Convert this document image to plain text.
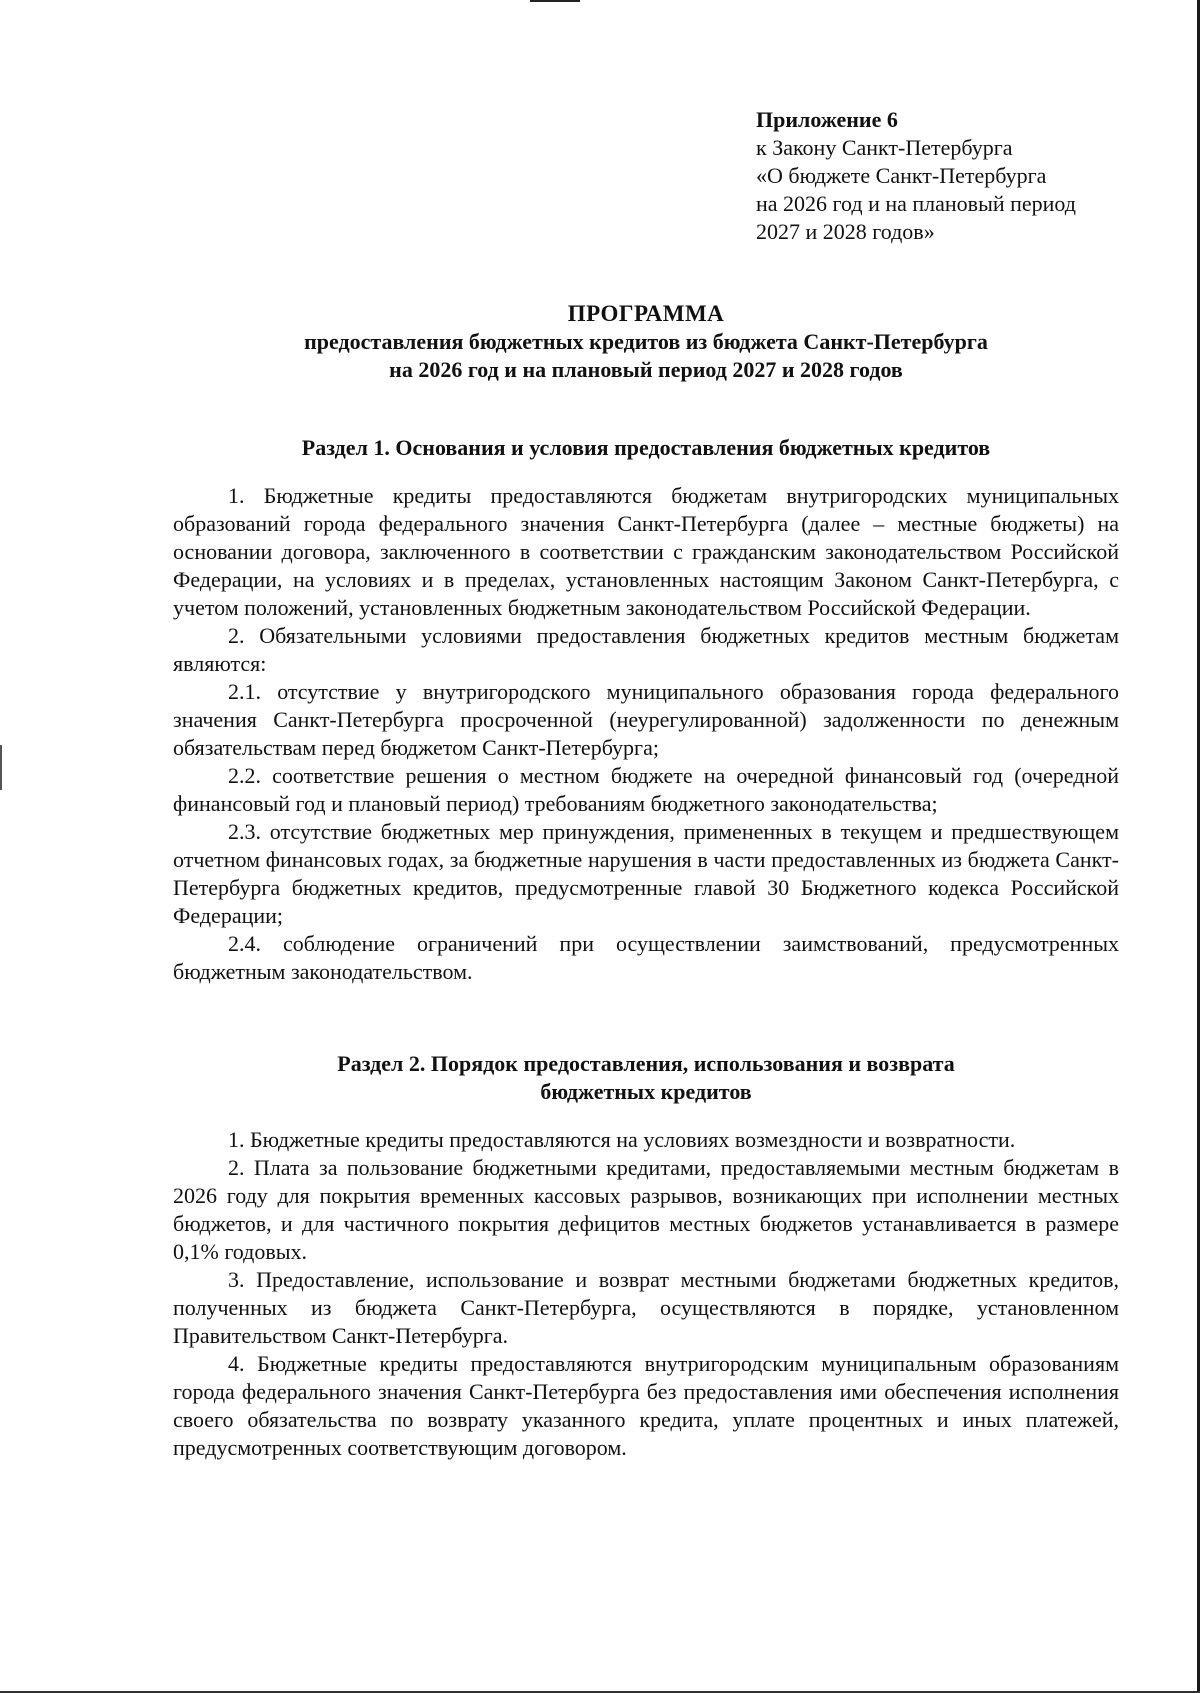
Приложение 6
к Закону Санкт-Петербурга
«О бюджете Санкт-Петербурга
на 2026 год и на плановый период
2027 и 2028 годов»
ПРОГРАММА
предоставления бюджетных кредитов из бюджета Санкт-Петербурга
на 2026 год и на плановый период 2027 и 2028 годов
Раздел 1. Основания и условия предоставления бюджетных кредитов

1. Бюджетные кредиты предоставляются бюджетам внутригородских муниципальных образований города федерального значения Санкт-Петербурга (далее – местные бюджеты) на основании договора, заключенного в соответствии с гражданским законодательством Российской Федерации, на условиях и в пределах, установленных настоящим Законом Санкт-Петербурга, с учетом положений, установленных бюджетным законодательством Российской Федерации.

2. Обязательными условиями предоставления бюджетных кредитов местным бюджетам являются:

2.1. отсутствие у внутригородского муниципального образования города федерального значения Санкт-Петербурга просроченной (неурегулированной) задолженности по денежным обязательствам перед бюджетом Санкт-Петербурга;

2.2. соответствие решения о местном бюджете на очередной финансовый год (очередной финансовый год и плановый период) требованиям бюджетного законодательства;

2.3. отсутствие бюджетных мер принуждения, примененных в текущем и предшествующем отчетном финансовых годах, за бюджетные нарушения в части предоставленных из бюджета Санкт-Петербурга бюджетных кредитов, предусмотренные главой 30 Бюджетного кодекса Российской Федерации;

2.4. соблюдение ограничений при осуществлении заимствований, предусмотренных бюджетным законодательством.

Раздел 2. Порядок предоставления, использования и возврата
бюджетных кредитов

1. Бюджетные кредиты предоставляются на условиях возмездности и возвратности.

2. Плата за пользование бюджетными кредитами, предоставляемыми местным бюджетам в 2026 году для покрытия временных кассовых разрывов, возникающих при исполнении местных бюджетов, и для частичного покрытия дефицитов местных бюджетов устанавливается в размере 0,1% годовых.

3. Предоставление, использование и возврат местными бюджетами бюджетных кредитов, полученных из бюджета Санкт-Петербурга, осуществляются в порядке, установленном Правительством Санкт-Петербурга.

4. Бюджетные кредиты предоставляются внутригородским муниципальным образованиям города федерального значения Санкт-Петербурга без предоставления ими обеспечения исполнения своего обязательства по возврату указанного кредита, уплате процентных и иных платежей, предусмотренных соответствующим договором.
